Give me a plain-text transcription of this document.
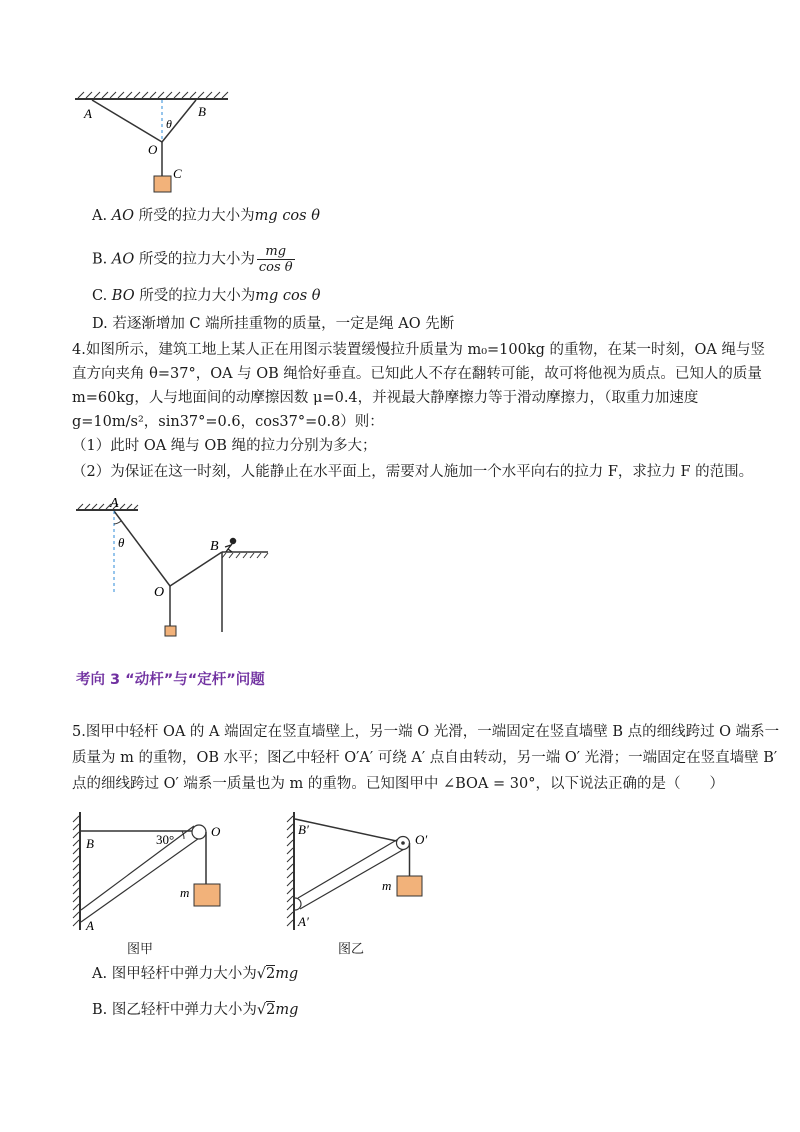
A	B
O
C
θ
A. AO 所受的拉力大小为mg cos θ
B. AO 所受的拉力大小为 $\frac{mg}{\text{cos θ}}$
C. BO 所受的拉力大小为mg cos θ
D. 若逐渐增加 C 端所挂重物的质量，一定是绳 AO 先断
4.如图所示，建筑工地上某人正在用图示装置缓慢拉升质量为 m₀=100kg 的重物，在某一时刻，OA 绳与竖
直方向夹角 θ=37°，OA 与 OB 绳恰好垂直。已知此人不存在翻转可能，故可将他视为质点。已知人的质量
m=60kg，人与地面间的动摩擦因数 μ=0.4，并视最大静摩擦力等于滑动摩擦力，（取重力加速度
g=10m/s²，sin37°=0.6，cos37°=0.8）则：
（1）此时 OA 绳与 OB 绳的拉力分别为多大；
（2）为保证在这一时刻，人能静止在水平面上，需要对人施加一个水平向右的拉力 F，求拉力 F 的范围。
A
B
O
θ
考向 3 “动杆”与“定杆”问题
5.图甲中轻杆 OA 的 A 端固定在竖直墙壁上，另一端 O 光滑，一端固定在竖直墙壁 B 点的细线跨过 O 端系一
质量为 m 的重物，OB 水平；图乙中轻杆 O′A′ 可绕 A′ 点自由转动，另一端 O′ 光滑；一端固定在竖直墙壁 B′
点的细线跨过 O′ 端系一质量也为 m 的重物。已知图甲中 ∠BOA = 30°，以下说法正确的是（　　）
B
A
O
m
30°
图甲
B′
A′
O′
m
图乙
A. 图甲轻杆中弹力大小为√2mg
B. 图乙轻杆中弹力大小为√2mg
